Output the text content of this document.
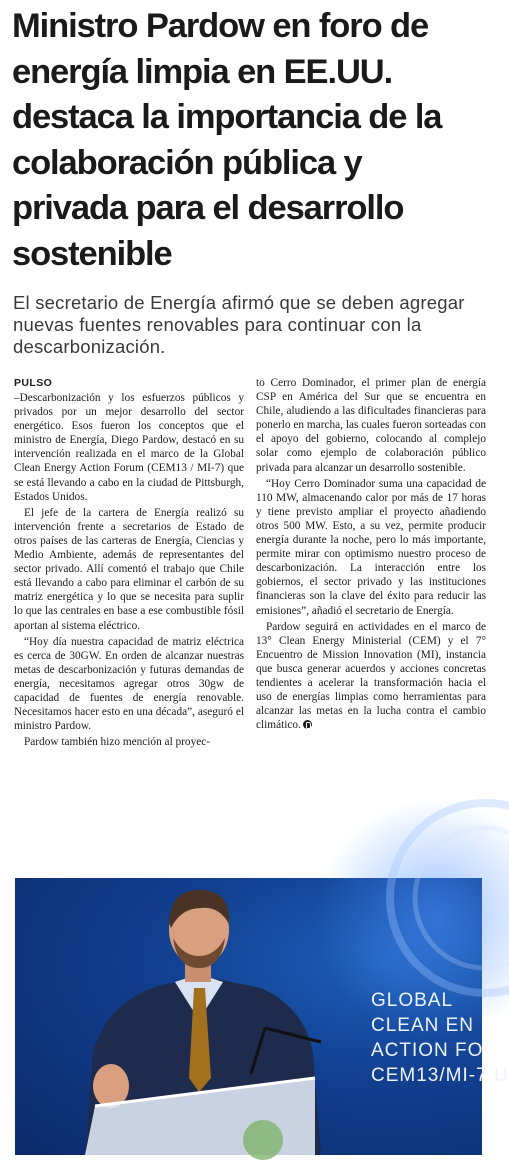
Ministro Pardow en foro de energía limpia en EE.UU. destaca la importancia de la colaboración pública y privada para el desarrollo sostenible

El secretario de Energía afirmó que se deben agregar nuevas fuentes renovables para continuar con la descarbonización.

PULSO

–Descarbonización y los esfuerzos públicos y privados por un mejor desarrollo del sector energético. Esos fueron los conceptos que el ministro de Energía, Diego Pardow, destacó en su intervención realizada en el marco de la Global Clean Energy Action Forum (CEM13 / MI-7) que se está llevando a cabo en la ciudad de Pittsburgh, Estados Unidos.

El jefe de la cartera de Energía realizó su intervención frente a secretarios de Estado de otros países de las carteras de Energía, Ciencias y Medio Ambiente, además de representantes del sector privado. Allí comentó el trabajo que Chile está llevando a cabo para eliminar el carbón de su matriz energética y lo que se necesita para suplir lo que las centrales en base a ese combustible fósil aportan al sistema eléctrico.

“Hoy día nuestra capacidad de matriz eléctrica es cerca de 30GW. En orden de alcanzar nuestras metas de descarbonización y futuras demandas de energía, necesitamos agregar otros 30gw de capacidad de fuentes de energía renovable. Necesitamos hacer esto en una década”, aseguró el ministro Pardow.

Pardow también hizo mención al proyec-

to Cerro Dominador, el primer plan de energía CSP en América del Sur que se encuentra en Chile, aludiendo a las dificultades financieras para ponerlo en marcha, las cuales fueron sorteadas con el apoyo del gobierno, colocando al complejo solar como ejemplo de colaboración público privada para alcanzar un desarrollo sostenible.

“Hoy Cerro Dominador suma una capacidad de 110 MW, almacenando calor por más de 17 horas y tiene previsto ampliar el proyecto añadiendo otros 500 MW. Esto, a su vez, permite producir energía durante la noche, pero lo más importante, permite mirar con optimismo nuestro proceso de descarbonización. La interacción entre los gobiernos, el sector privado y las instituciones financieras son la clave del éxito para reducir las emisiones”, añadió el secretario de Energía.

Pardow seguirá en actividades en el marco de 13° Clean Energy Ministerial (CEM) y el 7° Encuentro de Mission Innovation (MI), instancia que busca generar acuerdos y acciones concretas tendientes a acelerar la transformación hacia el uso de energías limpias como herramientas para alcanzar las metas en la lucha contra el cambio climático.

GLOBAL
CLEAN EN
ACTION FO
CEM13/MI-7 U
